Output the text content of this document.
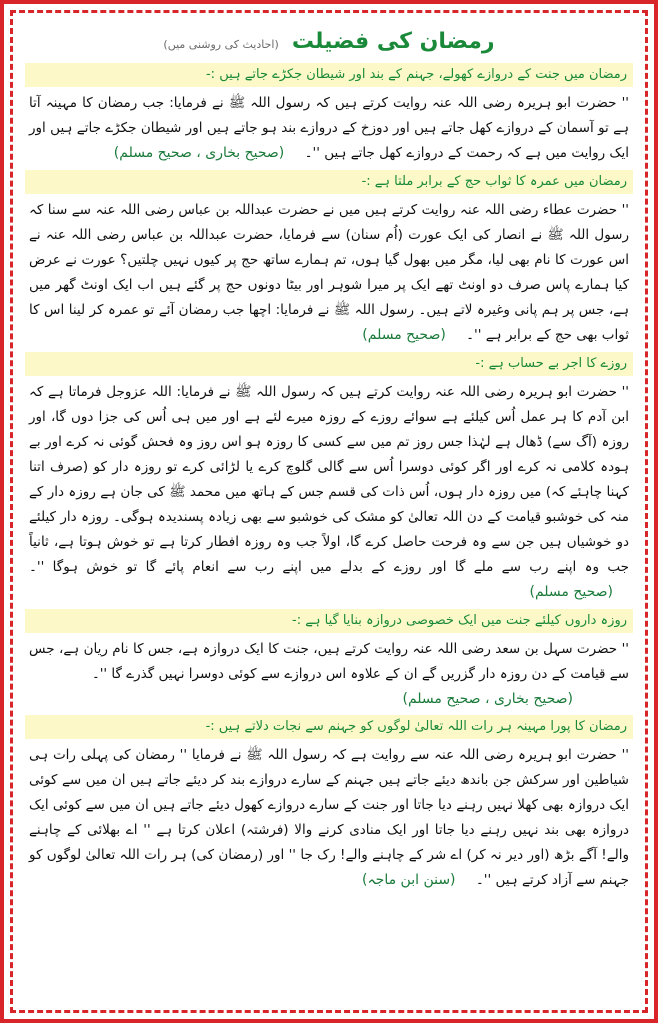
رمضان کی فضیلت (احادیث کی روشنی میں)
رمضان میں جنت کے دروازے کھولے، جہنم کے بند اور شیطان جکڑے جاتے ہیں :-
'' حضرت ابو ہریرہ رضی اللہ عنہ روایت کرتے ہیں کہ رسول اللہ ﷺ نے فرمایا: جب رمضان کا مہینہ آتا ہے تو آسمان کے دروازے کھل جاتے ہیں اور دوزخ کے دروازے بند ہو جاتے ہیں اور شیطان جکڑے جاتے ہیں اور ایک روایت میں ہے کہ رحمت کے دروازے کھل جاتے ہیں ''۔ (صحیح بخاری ، صحیح مسلم)
رمضان میں عمرہ کا ثواب حج کے برابر ملتا ہے :-
'' حضرت عطاء رضی اللہ عنہ روایت کرتے ہیں میں نے حضرت عبداللہ بن عباس رضی اللہ عنہ سے سنا کہ رسول اللہ ﷺ نے انصار کی ایک عورت (اُم سنان) سے فرمایا، حضرت عبداللہ بن عباس رضی اللہ عنہ نے اس عورت کا نام بھی لیا، مگر میں بھول گیا ہوں، تم ہمارے ساتھ حج پر کیوں نہیں چلتیں؟ عورت نے عرض کیا ہمارے پاس صرف دو اونٹ تھے ایک پر میرا شوہر اور بیٹا دونوں حج پر گئے ہیں اب ایک اونٹ گھر میں ہے، جس پر ہم پانی وغیرہ لاتے ہیں۔ رسول اللہ ﷺ نے فرمایا: اچھا جب رمضان آئے تو عمرہ کر لینا اس کا ثواب بھی حج کے برابر ہے ''۔ (صحیح مسلم)
روزے کا اجر بے حساب ہے :-
'' حضرت ابو ہریرہ رضی اللہ عنہ روایت کرتے ہیں کہ رسول اللہ ﷺ نے فرمایا: اللہ عزوجل فرماتا ہے کہ ابن آدم کا ہر عمل اُس کیلئے ہے سوائے روزے کے روزہ میرے لئے ہے اور میں ہی اُس کی جزا دوں گا، اور روزہ (آگ سے) ڈھال ہے لہٰذا جس روز تم میں سے کسی کا روزہ ہو اس روز وہ فحش گوئی نہ کرے اور بے ہودہ کلامی نہ کرے اور اگر کوئی دوسرا اُس سے گالی گلوچ کرے یا لڑائی کرے تو روزہ دار کو (صرف اتنا کہنا چاہئے کہ) میں روزہ دار ہوں، اُس ذات کی قسم جس کے ہاتھ میں محمد ﷺ کی جان ہے روزہ دار کے منہ کی خوشبو قیامت کے دن اللہ تعالیٰ کو مشک کی خوشبو سے بھی زیادہ پسندیدہ ہوگی۔ روزہ دار کیلئے دو خوشیاں ہیں جن سے وہ فرحت حاصل کرے گا، اولاً جب وہ روزہ افطار کرتا ہے تو خوش ہوتا ہے، ثانیاً جب وہ اپنے رب سے ملے گا اور روزے کے بدلے میں اپنے رب سے انعام پائے گا تو خوش ہوگا ''۔ (صحیح مسلم)
روزہ داروں کیلئے جنت میں ایک خصوصی دروازہ بنایا گیا ہے :-
'' حضرت سہل بن سعد رضی اللہ عنہ روایت کرتے ہیں، جنت کا ایک دروازہ ہے، جس کا نام ریان ہے، جس سے قیامت کے دن روزہ دار گزریں گے ان کے علاوہ اس دروازے سے کوئی دوسرا نہیں گذرے گا ''۔
(صحیح بخاری ، صحیح مسلم)
رمضان کا پورا مہینہ ہر رات اللہ تعالیٰ لوگوں کو جہنم سے نجات دلاتے ہیں :-
'' حضرت ابو ہریرہ رضی اللہ عنہ سے روایت ہے کہ رسول اللہ ﷺ نے فرمایا '' رمضان کی پہلی رات ہی شیاطین اور سرکش جن باندھ دیئے جاتے ہیں جہنم کے سارے دروازے بند کر دیئے جاتے ہیں ان میں سے کوئی ایک دروازہ بھی کھلا نہیں رہنے دیا جاتا اور جنت کے سارے دروازے کھول دیئے جاتے ہیں ان میں سے کوئی ایک دروازہ بھی بند نہیں رہنے دیا جاتا اور ایک منادی کرنے والا (فرشتہ) اعلان کرتا ہے '' اے بھلائی کے چاہنے والے! آگے بڑھ (اور دیر نہ کر) اے شر کے چاہنے والے! رک جا '' اور (رمضان کی) ہر رات اللہ تعالیٰ لوگوں کو جہنم سے آزاد کرتے ہیں ''۔ (سنن ابن ماجہ)
